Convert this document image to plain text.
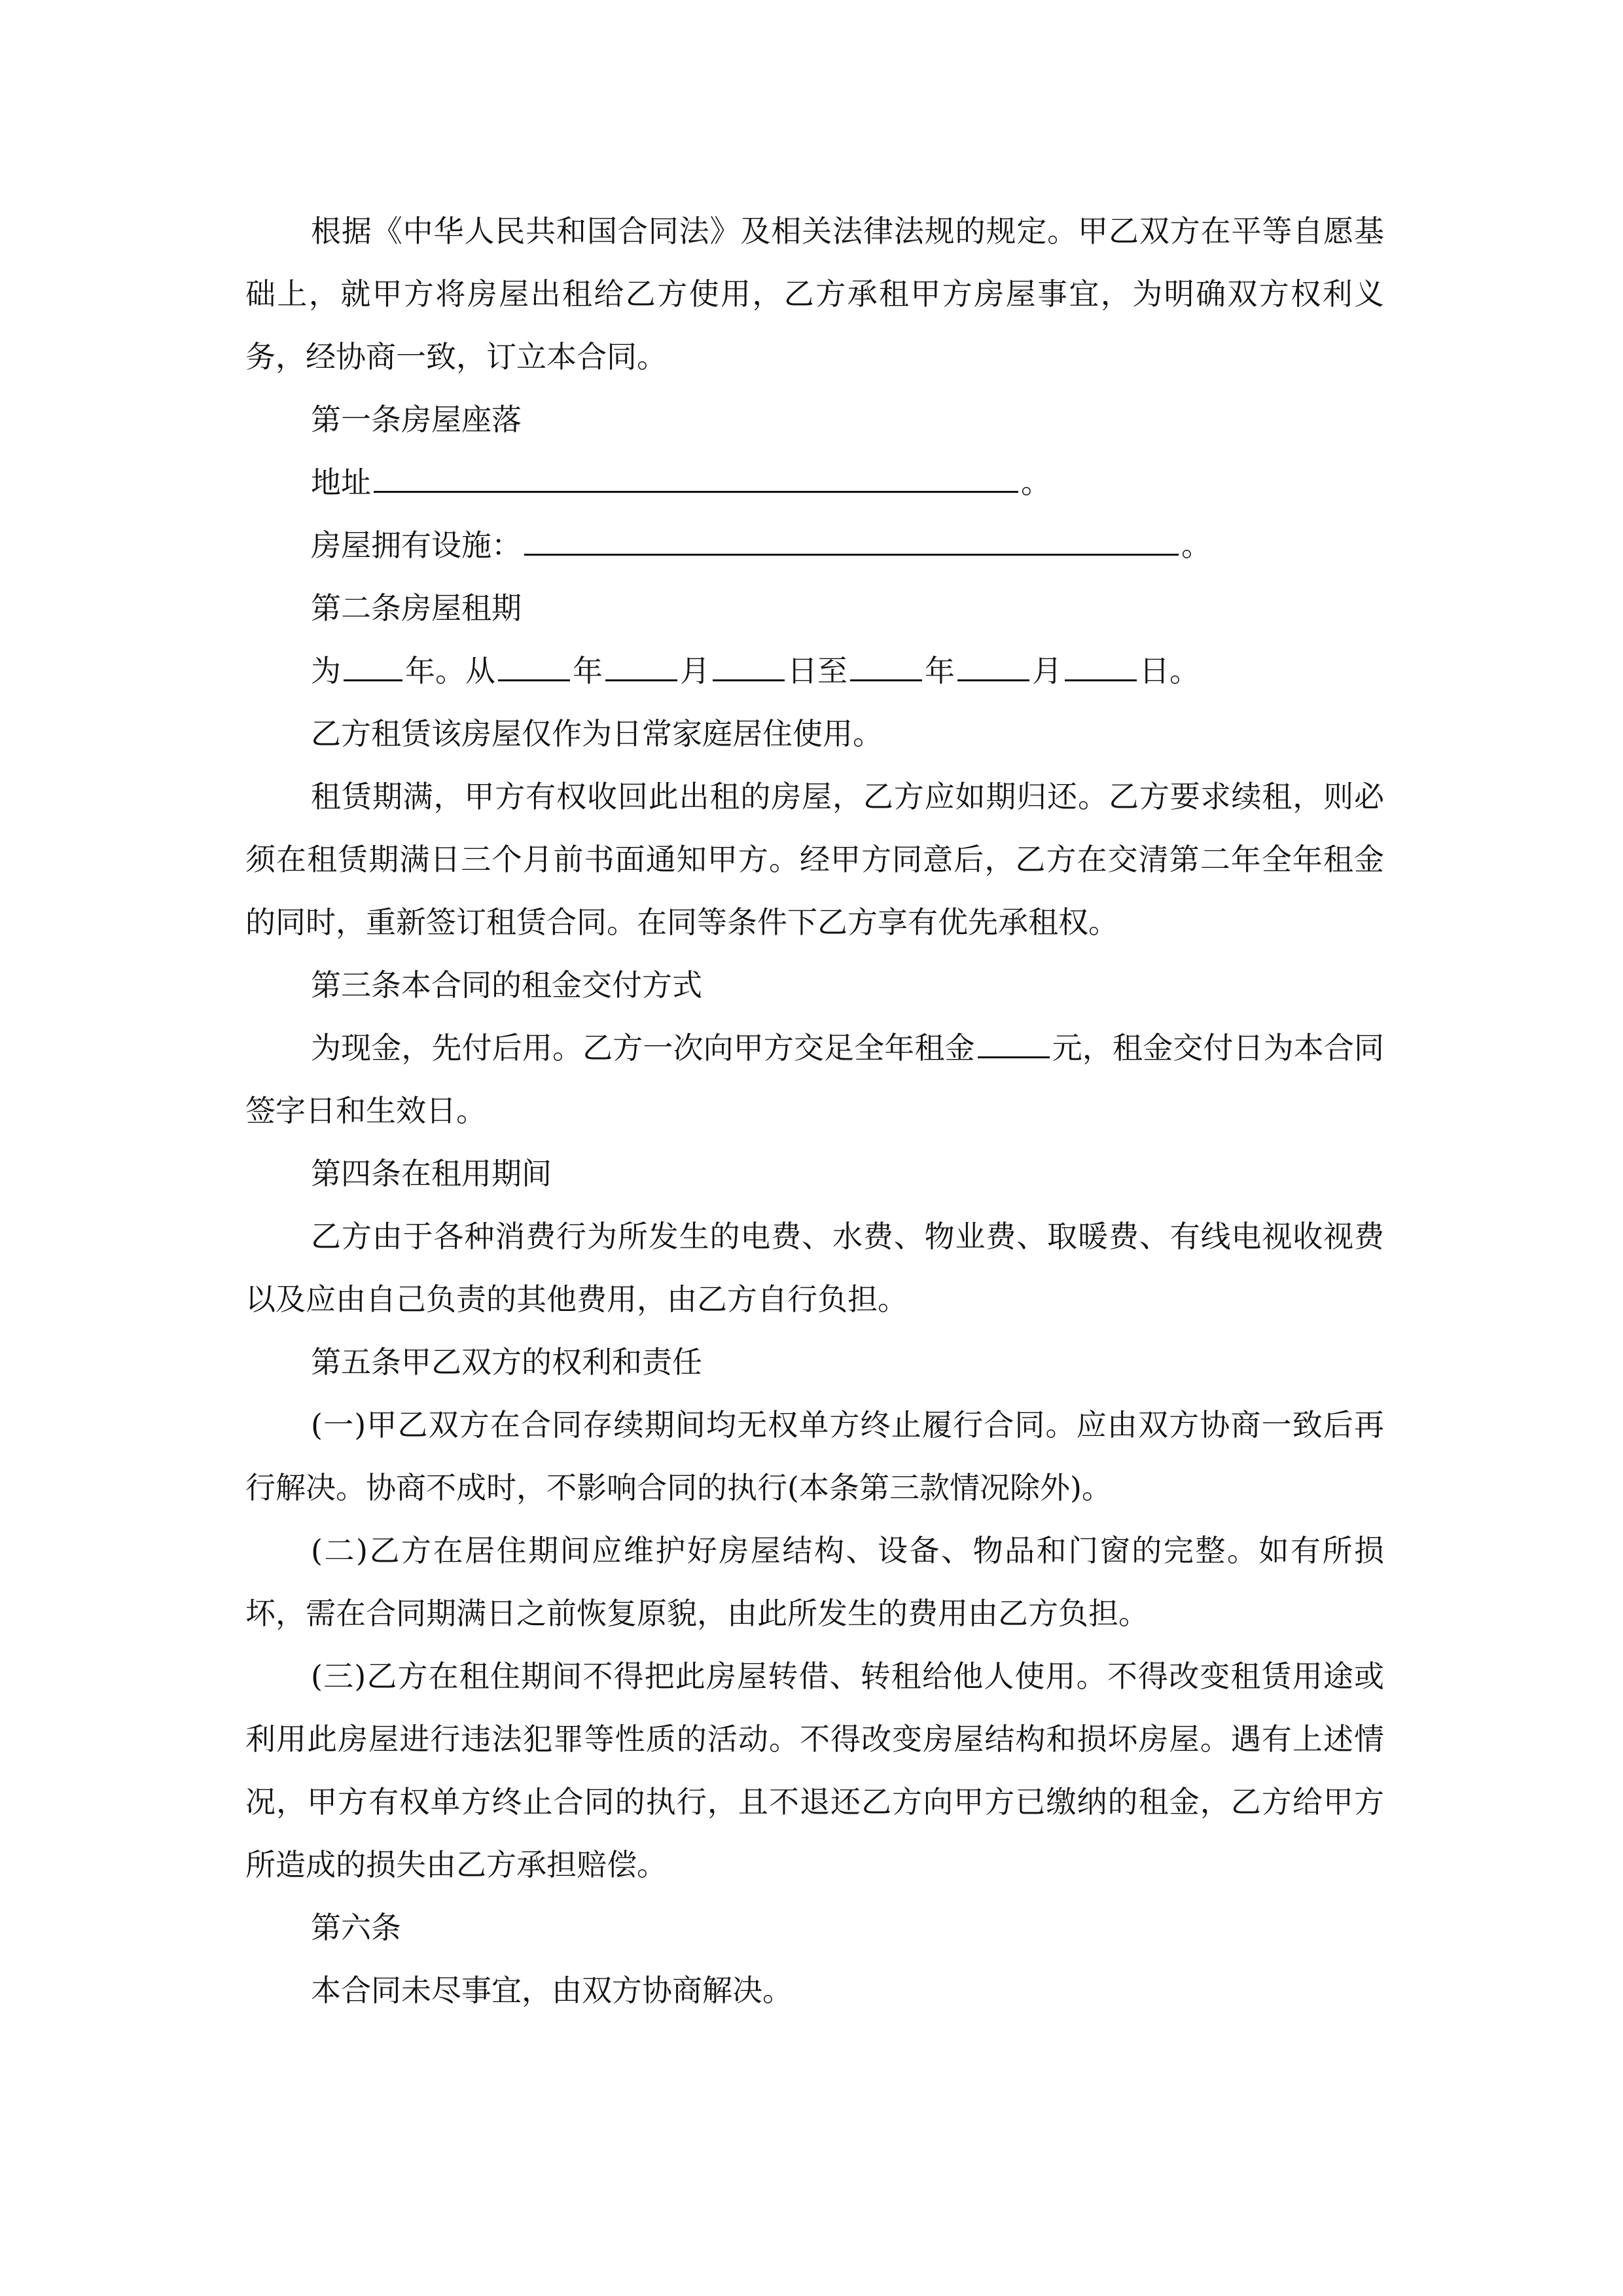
根据《中华人民共和国合同法》及相关法律法规的规定。甲乙双方在平等自愿基础上，就甲方将房屋出租给乙方使用，乙方承租甲方房屋事宜，为明确双方权利义务，经协商一致，订立本合同。

第一条房屋座落

地址	。

房屋拥有设施：	。

第二条房屋租期

为 年。从	年	月	日至	年	月	日。

乙方租赁该房屋仅作为日常家庭居住使用。

租赁期满，甲方有权收回此出租的房屋，乙方应如期归还。乙方要求续租，则必须在租赁期满日三个月前书面通知甲方。经甲方同意后，乙方在交清第二年全年租金的同时，重新签订租赁合同。在同等条件下乙方享有优先承租权。

第三条本合同的租金交付方式

为现金，先付后用。乙方一次向甲方交足全年租金	元，租金交付日为本合同签字日和生效日。

第四条在租用期间

乙方由于各种消费行为所发生的电费、水费、物业费、取暖费、有线电视收视费以及应由自己负责的其他费用，由乙方自行负担。

第五条甲乙双方的权利和责任

(一)甲乙双方在合同存续期间均无权单方终止履行合同。应由双方协商一致后再行解决。协商不成时，不影响合同的执行(本条第三款情况除外)。

(二)乙方在居住期间应维护好房屋结构、设备、物品和门窗的完整。如有所损坏，需在合同期满日之前恢复原貌，由此所发生的费用由乙方负担。

(三)乙方在租住期间不得把此房屋转借、转租给他人使用。不得改变租赁用途或利用此房屋进行违法犯罪等性质的活动。不得改变房屋结构和损坏房屋。遇有上述情况，甲方有权单方终止合同的执行，且不退还乙方向甲方已缴纳的租金，乙方给甲方所造成的损失由乙方承担赔偿。

第六条

本合同未尽事宜，由双方协商解决。
